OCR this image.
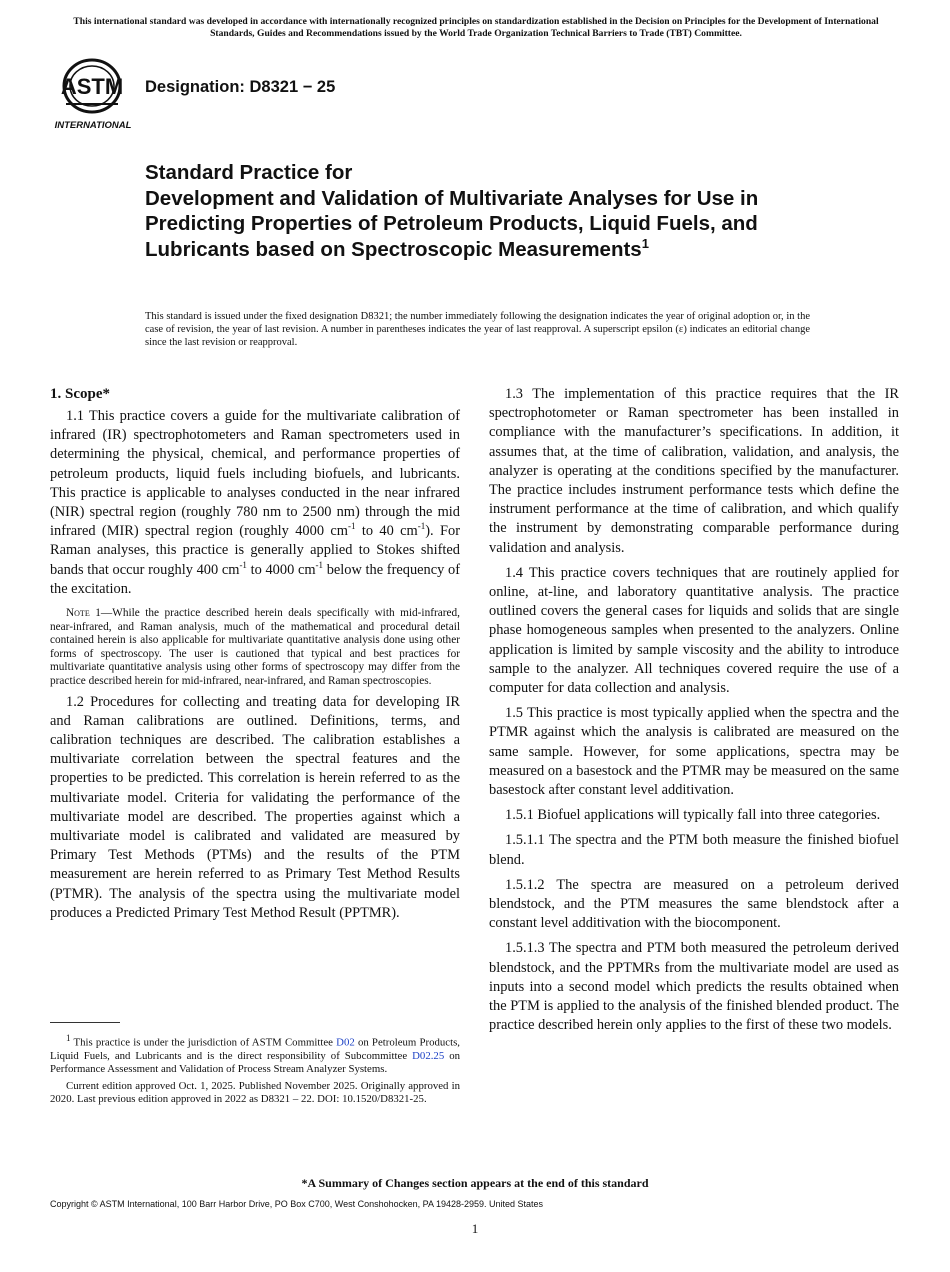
This international standard was developed in accordance with internationally recognized principles on standardization established in the Decision on Principles for the Development of International Standards, Guides and Recommendations issued by the World Trade Organization Technical Barriers to Trade (TBT) Committee.
ASTM
INTERNATIONAL
Designation: D8321 − 25
Standard Practice for
Development and Validation of Multivariate Analyses for Use in Predicting Properties of Petroleum Products, Liquid Fuels, and Lubricants based on Spectroscopic Measurements$^1$
This standard is issued under the fixed designation D8321; the number immediately following the designation indicates the year of original adoption or, in the case of revision, the year of last revision. A number in parentheses indicates the year of last reapproval. A superscript epsilon (ε) indicates an editorial change since the last revision or reapproval.
1. Scope*

1.1 This practice covers a guide for the multivariate calibration of infrared (IR) spectrophotometers and Raman spectrometers used in determining the physical, chemical, and performance properties of petroleum products, liquid fuels including biofuels, and lubricants. This practice is applicable to analyses conducted in the near infrared (NIR) spectral region (roughly 780 nm to 2500 nm) through the mid infrared (MIR) spectral region (roughly 4000 $cm^{-1}$ to 40 $cm^{-1}$). For Raman analyses, this practice is generally applied to Stokes shifted bands that occur roughly 400 $cm^{-1}$ to 4000 $cm^{-1}$ below the frequency of the excitation.

Note 1—While the practice described herein deals specifically with mid-infrared, near-infrared, and Raman analysis, much of the mathematical and procedural detail contained herein is also applicable for multivariate quantitative analysis done using other forms of spectroscopy. The user is cautioned that typical and best practices for multivariate quantitative analysis using other forms of spectroscopy may differ from the practice described herein for mid-infrared, near-infrared, and Raman spectroscopies.

1.2 Procedures for collecting and treating data for developing IR and Raman calibrations are outlined. Definitions, terms, and calibration techniques are described. The calibration establishes a multivariate correlation between the spectral features and the properties to be predicted. This correlation is herein referred to as the multivariate model. Criteria for validating the performance of the multivariate model are described. The properties against which a multivariate model is calibrated and validated are measured by Primary Test Methods (PTMs) and the results of the PTM measurement are herein referred to as Primary Test Method Results (PTMR). The analysis of the spectra using the multivariate model produces a Predicted Primary Test Method Result (PPTMR).

1.3 The implementation of this practice requires that the IR spectrophotometer or Raman spectrometer has been installed in compliance with the manufacturer’s specifications. In addition, it assumes that, at the time of calibration, validation, and analysis, the analyzer is operating at the conditions specified by the manufacturer. The practice includes instrument performance tests which define the instrument performance at the time of calibration, and which qualify the instrument by demonstrating comparable performance during validation and analysis.

1.4 This practice covers techniques that are routinely applied for online, at-line, and laboratory quantitative analysis. The practice outlined covers the general cases for liquids and solids that are single phase homogeneous samples when presented to the analyzers. Online application is limited by sample viscosity and the ability to introduce sample to the analyzer. All techniques covered require the use of a computer for data collection and analysis.

1.5 This practice is most typically applied when the spectra and the PTMR against which the analysis is calibrated are measured on the same sample. However, for some applications, spectra may be measured on a basestock and the PTMR may be measured on the same basestock after constant level additivation.

1.5.1 Biofuel applications will typically fall into three categories.

1.5.1.1 The spectra and the PTM both measure the finished biofuel blend.

1.5.1.2 The spectra are measured on a petroleum derived blendstock, and the PTM measures the same blendstock after a constant level additivation with the biocomponent.

1.5.1.3 The spectra and PTM both measured the petroleum derived blendstock, and the PPTMRs from the multivariate model are used as inputs into a second model which predicts the results obtained when the PTM is applied to the analysis of the finished blended product. The practice described herein only applies to the first of these two models.

$^1$ This practice is under the jurisdiction of ASTM Committee D02 on Petroleum Products, Liquid Fuels, and Lubricants and is the direct responsibility of Subcommittee D02.25 on Performance Assessment and Validation of Process Stream Analyzer Systems.

Current edition approved Oct. 1, 2025. Published November 2025. Originally approved in 2020. Last previous edition approved in 2022 as D8321 – 22. DOI: 10.1520/D8321-25.

*A Summary of Changes section appears at the end of this standard
Copyright © ASTM International, 100 Barr Harbor Drive, PO Box C700, West Conshohocken, PA 19428-2959. United States
1
